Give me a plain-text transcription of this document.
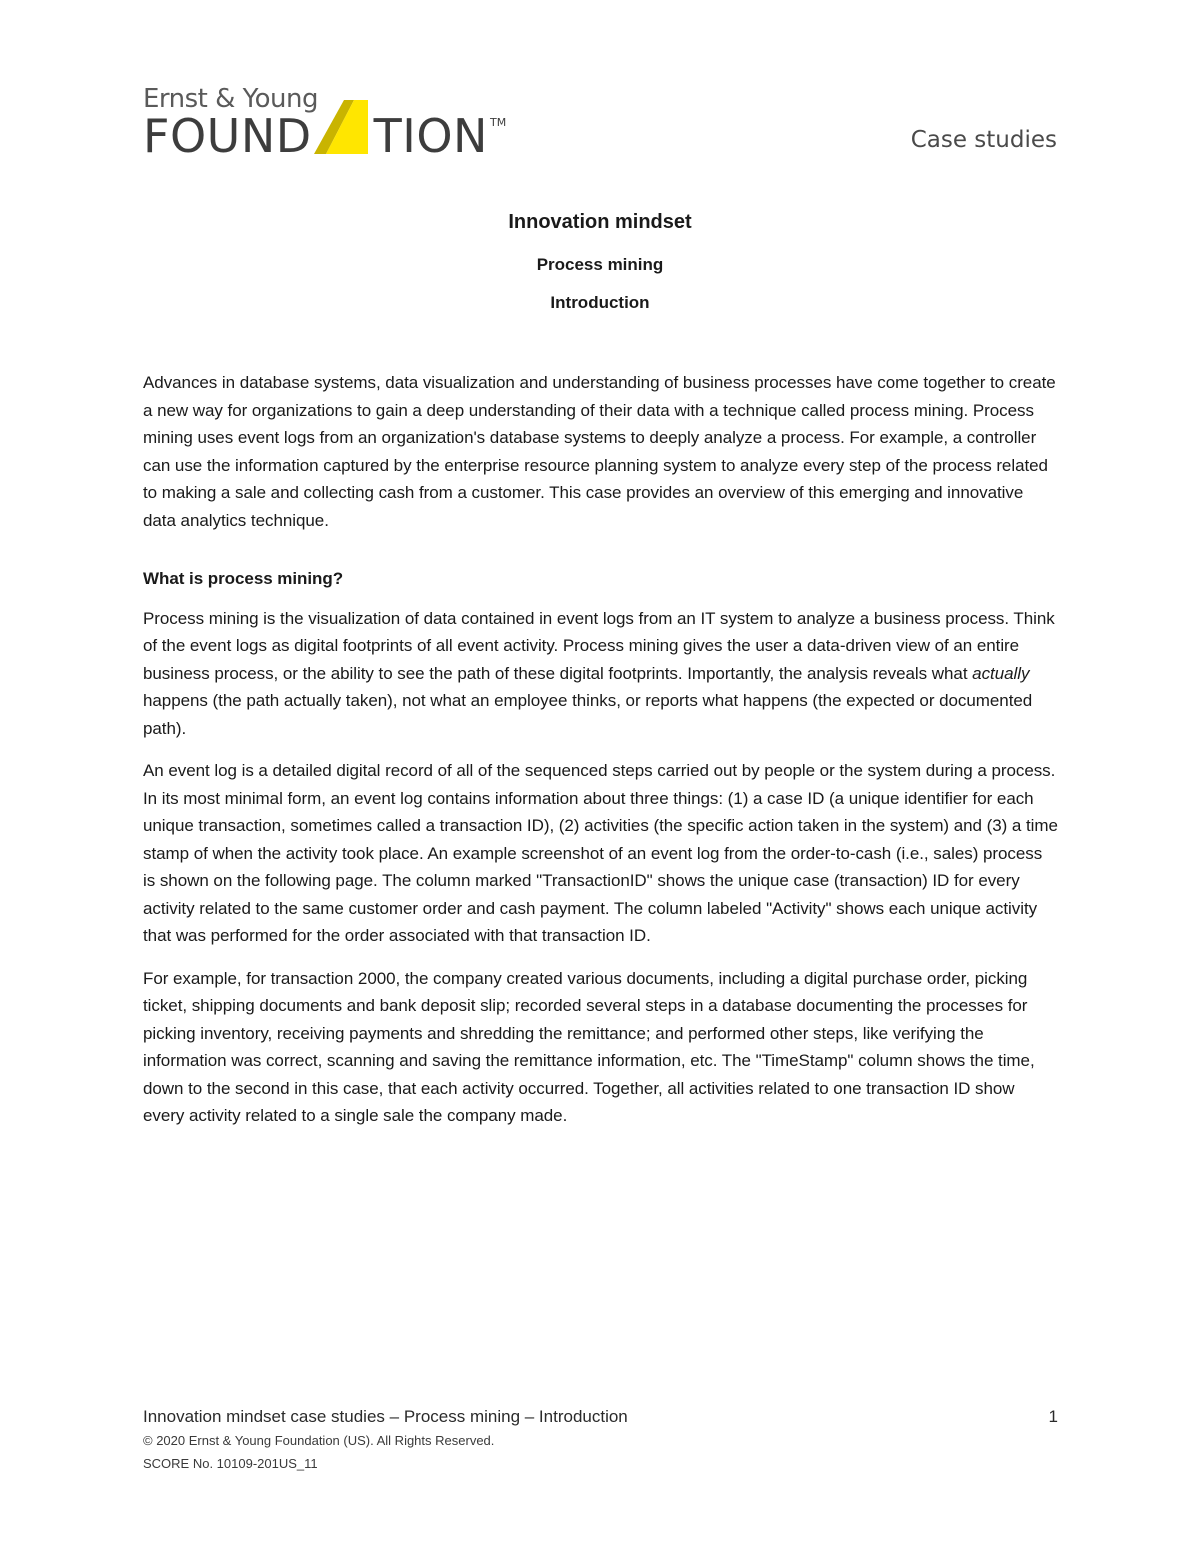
Ernst & Young
FOUND TION TM
Case studies
Innovation mindset
Process mining
Introduction

Advances in database systems, data visualization and understanding of business processes have come together to create a new way for organizations to gain a deep understanding of their data with a technique called process mining. Process mining uses event logs from an organization's database systems to deeply analyze a process. For example, a controller can use the information captured by the enterprise resource planning system to analyze every step of the process related to making a sale and collecting cash from a customer. This case provides an overview of this emerging and innovative data analytics technique.

What is process mining?

Process mining is the visualization of data contained in event logs from an IT system to analyze a business process. Think of the event logs as digital footprints of all event activity. Process mining gives the user a data-driven view of an entire business process, or the ability to see the path of these digital footprints. Importantly, the analysis reveals what actually happens (the path actually taken), not what an employee thinks, or reports what happens (the expected or documented path).

An event log is a detailed digital record of all of the sequenced steps carried out by people or the system during a process. In its most minimal form, an event log contains information about three things: (1) a case ID (a unique identifier for each unique transaction, sometimes called a transaction ID), (2) activities (the specific action taken in the system) and (3) a time stamp of when the activity took place. An example screenshot of an event log from the order-to-cash (i.e., sales) process is shown on the following page. The column marked "TransactionID" shows the unique case (transaction) ID for every activity related to the same customer order and cash payment. The column labeled "Activity" shows each unique activity that was performed for the order associated with that transaction ID.

For example, for transaction 2000, the company created various documents, including a digital purchase order, picking ticket, shipping documents and bank deposit slip; recorded several steps in a database documenting the processes for picking inventory, receiving payments and shredding the remittance; and performed other steps, like verifying the information was correct, scanning and saving the remittance information, etc. The "TimeStamp" column shows the time, down to the second in this case, that each activity occurred. Together, all activities related to one transaction ID show every activity related to a single sale the company made.

Innovation mindset case studies – Process mining – Introduction	1
© 2020 Ernst & Young Foundation (US). All Rights Reserved.
SCORE No. 10109-201US_11
